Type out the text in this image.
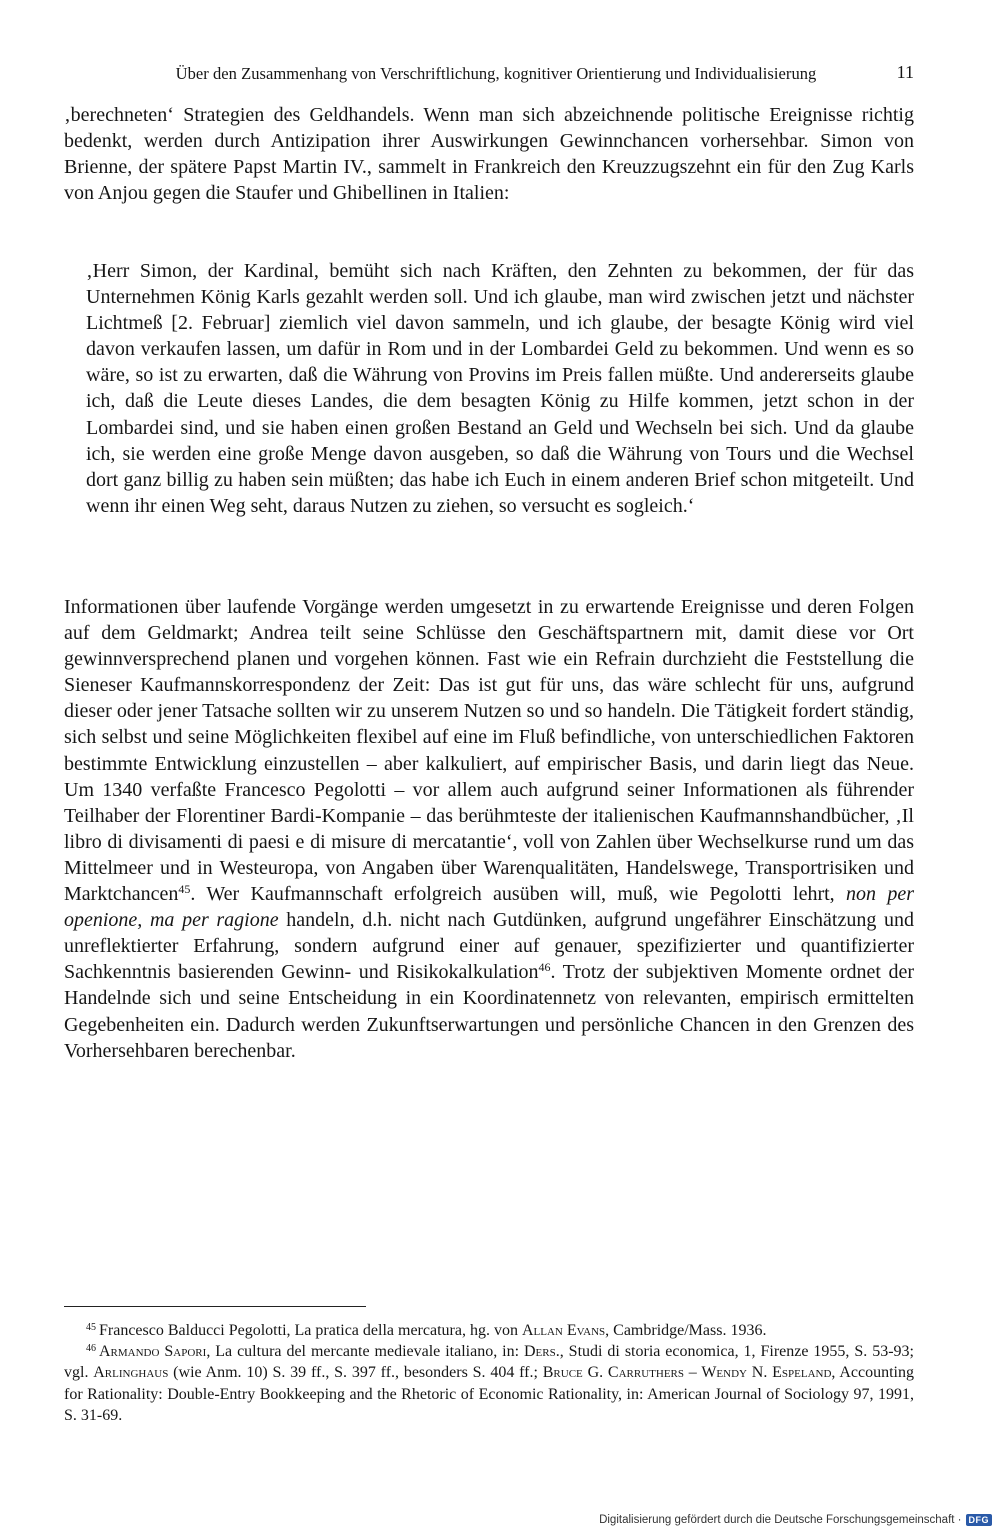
Über den Zusammenhang von Verschriftlichung, kognitiver Orientierung und Individualisierung	11

‚berechneten‘ Strategien des Geldhandels. Wenn man sich abzeichnende politische Ereignisse richtig bedenkt, werden durch Antizipation ihrer Auswirkungen Gewinnchancen vorhersehbar. Simon von Brienne, der spätere Papst Martin IV., sammelt in Frankreich den Kreuzzugszehnt ein für den Zug Karls von Anjou gegen die Staufer und Ghibellinen in Italien:

‚Herr Simon, der Kardinal, bemüht sich nach Kräften, den Zehnten zu bekommen, der für das Unternehmen König Karls gezahlt werden soll. Und ich glaube, man wird zwischen jetzt und nächster Lichtmeß [2. Februar] ziemlich viel davon sammeln, und ich glaube, der besagte König wird viel davon verkaufen lassen, um dafür in Rom und in der Lombardei Geld zu bekommen. Und wenn es so wäre, so ist zu erwarten, daß die Währung von Provins im Preis fallen müßte. Und andererseits glaube ich, daß die Leute dieses Landes, die dem besagten König zu Hilfe kommen, jetzt schon in der Lombardei sind, und sie haben einen großen Bestand an Geld und Wechseln bei sich. Und da glaube ich, sie werden eine große Menge davon ausgeben, so daß die Währung von Tours und die Wechsel dort ganz billig zu haben sein müßten; das habe ich Euch in einem anderen Brief schon mitgeteilt. Und wenn ihr einen Weg seht, daraus Nutzen zu ziehen, so versucht es sogleich.‘

Informationen über laufende Vorgänge werden umgesetzt in zu erwartende Ereignisse und deren Folgen auf dem Geldmarkt; Andrea teilt seine Schlüsse den Geschäftspartnern mit, damit diese vor Ort gewinnversprechend planen und vorgehen können. Fast wie ein Refrain durchzieht die Feststellung die Sieneser Kaufmannskorrespondenz der Zeit: Das ist gut für uns, das wäre schlecht für uns, aufgrund dieser oder jener Tatsache sollten wir zu unserem Nutzen so und so handeln. Die Tätigkeit fordert ständig, sich selbst und seine Möglichkeiten flexibel auf eine im Fluß befindliche, von unterschiedlichen Faktoren bestimmte Entwicklung einzustellen – aber kalkuliert, auf empirischer Basis, und darin liegt das Neue. Um 1340 verfaßte Francesco Pegolotti – vor allem auch aufgrund seiner Informationen als führender Teilhaber der Florentiner Bardi-Kompanie – das berühmteste der italienischen Kaufmannshandbücher, ‚Il libro di divisamenti di paesi e di misure di mercatantie‘, voll von Zahlen über Wechselkurse rund um das Mittelmeer und in Westeuropa, von Angaben über Warenqualitäten, Handelswege, Transportrisiken und Marktchancen$^{45}$. Wer Kaufmannschaft erfolgreich ausüben will, muß, wie Pegolotti lehrt, non per openione, ma per ragione handeln, d.h. nicht nach Gutdünken, aufgrund ungefährer Einschätzung und unreflektierter Erfahrung, sondern aufgrund einer auf genauer, spezifizierter und quantifizierter Sachkenntnis basierenden Gewinn- und Risikokalkulation$^{46}$. Trotz der subjektiven Momente ordnet der Handelnde sich und seine Entscheidung in ein Koordinatennetz von relevanten, empirisch ermittelten Gegebenheiten ein. Dadurch werden Zukunftserwartungen und persönliche Chancen in den Grenzen des Vorhersehbaren berechenbar.

$^{45}$ Francesco Balducci Pegolotti, La pratica della mercatura, hg. von Allan Evans, Cambridge/Mass. 1936.

$^{46}$ Armando Sapori, La cultura del mercante medievale italiano, in: Ders., Studi di storia economica, 1, Firenze 1955, S. 53-93; vgl. Arlinghaus (wie Anm. 10) S. 39 ff., S. 397 ff., besonders S. 404 ff.; Bruce G. Carruthers – Wendy N. Espeland, Accounting for Rationality: Double-Entry Bookkeeping and the Rhetoric of Economic Rationality, in: American Journal of Sociology 97, 1991, S. 31-69.

Digitalisierung gefördert durch die Deutsche Forschungsgemeinschaft · DFG
